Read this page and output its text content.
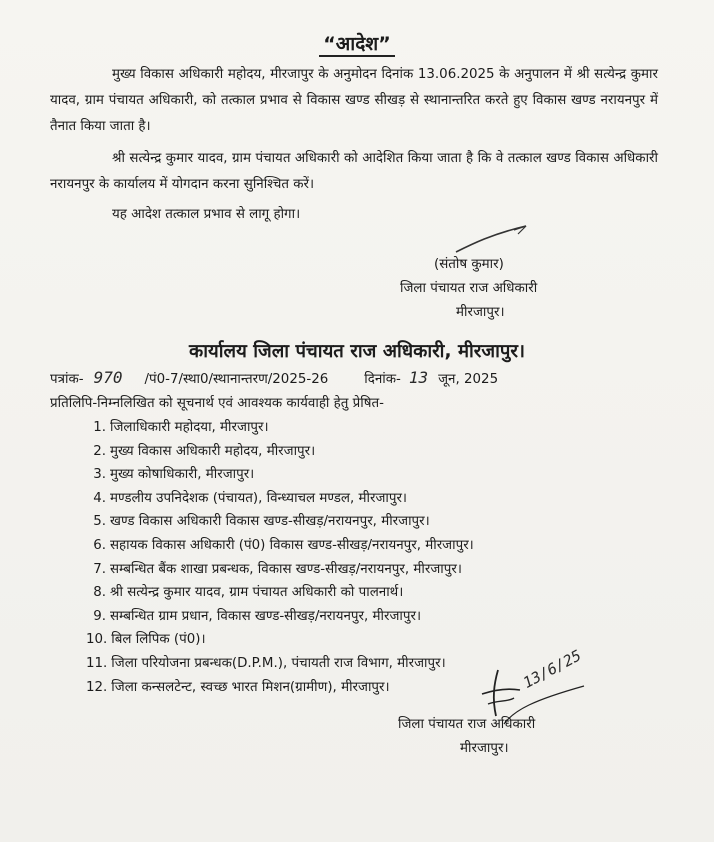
“आदेश”
मुख्य विकास अधिकारी महोदय, मीरजापुर के अनुमोदन दिनांक 13.06.2025 के अनुपालन में श्री सत्येन्द्र कुमार यादव, ग्राम पंचायत अधिकारी, को तत्काल प्रभाव से विकास खण्ड सीखड़ से स्थानान्तरित करते हुए विकास खण्ड नरायनपुर में तैनात किया जाता है।
श्री सत्येन्द्र कुमार यादव, ग्राम पंचायत अधिकारी को आदेशित किया जाता है कि वे तत्काल खण्ड विकास अधिकारी नरायनपुर के कार्यालय में योगदान करना सुनिश्चित करें।
यह आदेश तत्काल प्रभाव से लागू होगा।
(संतोष कुमार)
जिला पंचायत राज अधिकारी
मीरजापुर।
कार्यालय जिला पंचायत राज अधिकारी, मीरजापुर।
पत्रांक- 970 /पं0-7/स्था0/स्थानान्तरण/2025-26	दिनांक- 13 जून, 2025
प्रतिलिपि-निम्नलिखित को सूचनार्थ एवं आवश्यक कार्यवाही हेतु प्रेषित-
1. जिलाधिकारी महोदया, मीरजापुर।
2. मुख्य विकास अधिकारी महोदय, मीरजापुर।
3. मुख्य कोषाधिकारी, मीरजापुर।
4. मण्डलीय उपनिदेशक (पंचायत), विन्ध्याचल मण्डल, मीरजापुर।
5. खण्ड विकास अधिकारी विकास खण्ड-सीखड़/नरायनपुर, मीरजापुर।
6. सहायक विकास अधिकारी (पं0) विकास खण्ड-सीखड़/नरायनपुर, मीरजापुर।
7. सम्बन्धित बैंक शाखा प्रबन्धक, विकास खण्ड-सीखड़/नरायनपुर, मीरजापुर।
8. श्री सत्येन्द्र कुमार यादव, ग्राम पंचायत अधिकारी को पालनार्थ।
9. सम्बन्धित ग्राम प्रधान, विकास खण्ड-सीखड़/नरायनपुर, मीरजापुर।
10. बिल लिपिक (पं0)।
11. जिला परियोजना प्रबन्धक(D.P.M.), पंचायती राज विभाग, मीरजापुर।
12. जिला कन्सलटेन्ट, स्वच्छ भारत मिशन(ग्रामीण), मीरजापुर।	13/6/25
जिला पंचायत राज अधिकारी
मीरजापुर।
